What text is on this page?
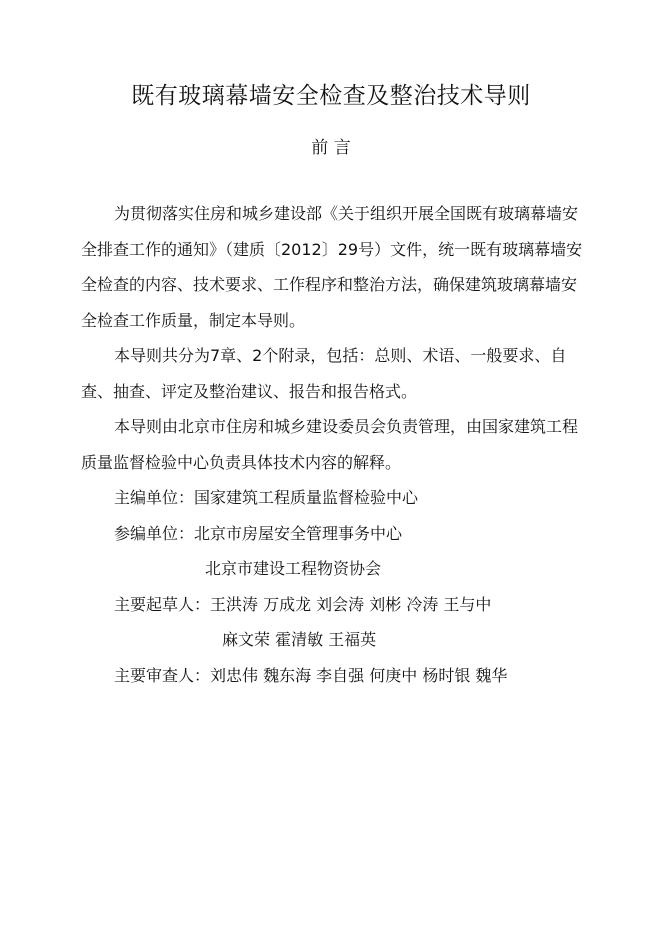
既有玻璃幕墙安全检查及整治技术导则
前 言

为贯彻落实住房和城乡建设部《关于组织开展全国既有玻璃幕墙安全排查工作的通知》（建质〔2012〕29号）文件，统一既有玻璃幕墙安全检查的内容、技术要求、工作程序和整治方法，确保建筑玻璃幕墙安全检查工作质量，制定本导则。

本导则共分为7章、2个附录，包括：总则、术语、一般要求、自查、抽查、评定及整治建议、报告和报告格式。

本导则由北京市住房和城乡建设委员会负责管理，由国家建筑工程质量监督检验中心负责具体技术内容的解释。

主编单位：国家建筑工程质量监督检验中心
参编单位：北京市房屋安全管理事务中心
北京市建设工程物资协会
主要起草人：王洪涛 万成龙 刘会涛 刘彬 冷涛 王与中
麻文荣 霍清敏 王福英
主要审查人：刘忠伟 魏东海 李自强 何庚中 杨时银 魏华
